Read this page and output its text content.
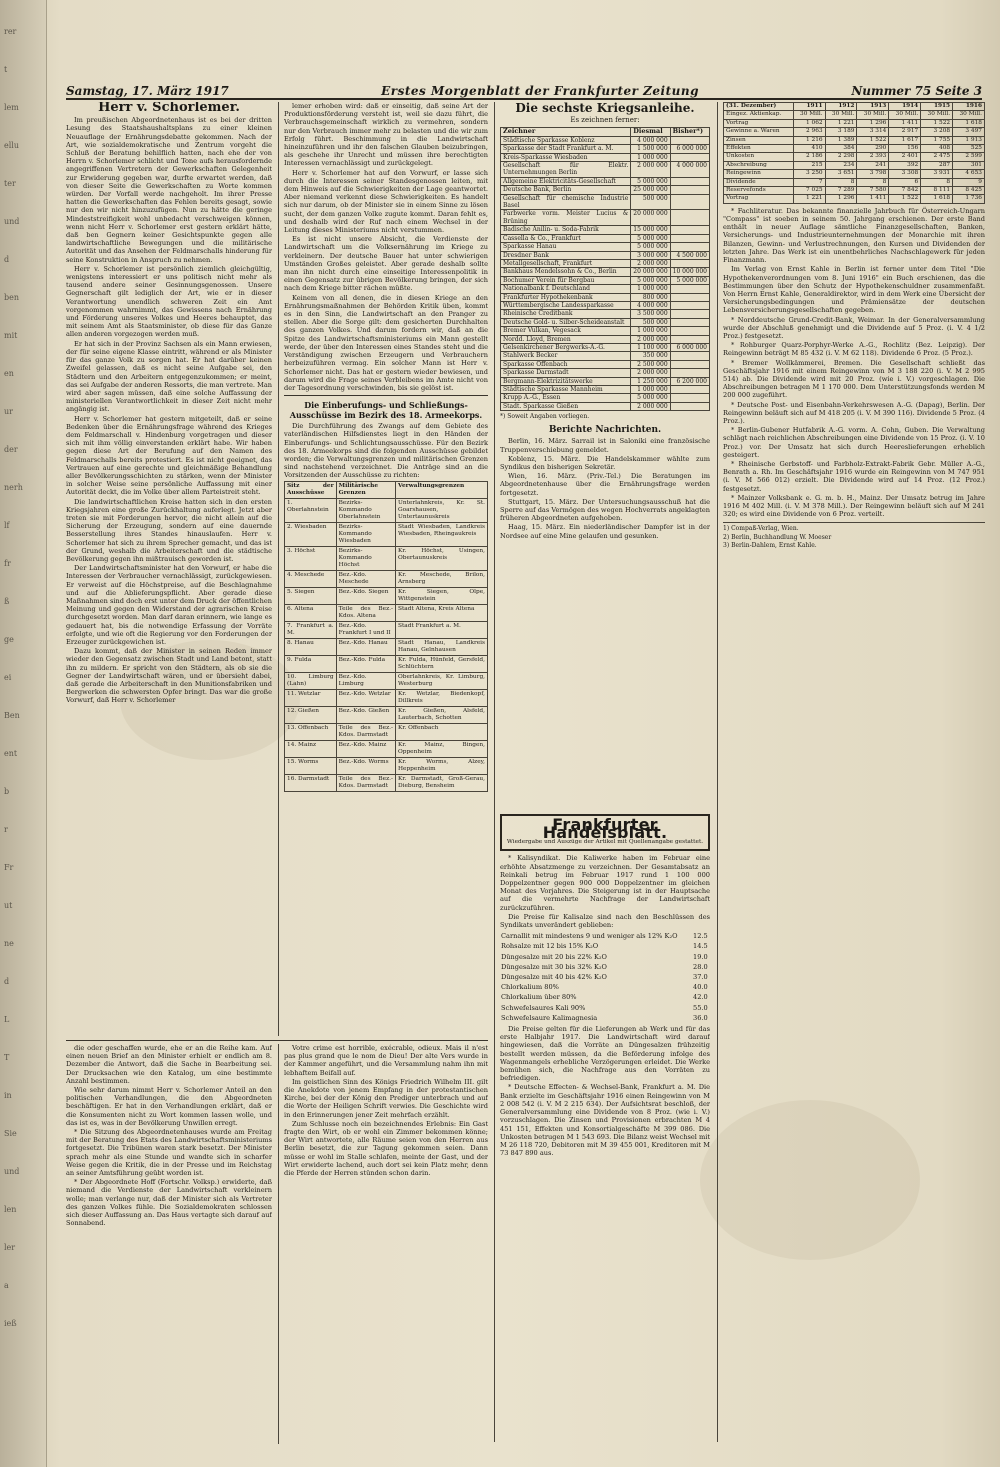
rer
t
lem
ellu
ter
und
d
ben
mit
en
ur
der
nerh
lf
fr
ß
ge
ei
Ben
ent
b
r
Fr
ut
ne
d
L
T
in
Sie
und
len
ler
a
ieß
Samstag, 17. März 1917	Erstes Morgenblatt der Frankfurter Zeitung	Nummer 75 Seite 3
Herr v. Schorlemer.

Im preußischen Abgeordnetenhaus ist es bei der dritten Lesung des Staatshaushaltsplans zu einer kleinen Neuauflage der Ernährungsdebatte gekommen. Nach der Art, wie sozialdemokratische und Zentrum vorgeht die Schluß der Beratung behilflich hatten, nach ehe der von Herrn v. Schorlemer schlicht und Tone aufs herausfordernde angegriffenen Vertretern der Gewerkschaften Gelegenheit zur Erwiderung gegeben war, durfte erwartet werden, daß von dieser Seite die Gewerkschaften zu Worte kommen würden. Der Vorfall werde nachgeholt. Im ihrer Presse hatten die Gewerkschaften das Fehlen bereits gesagt, sowie nur den wir nicht hinzuzufügen. Nun zu hätte die geringe Mindeststreifigkeit wohl unbedacht verschweigen können, wenn nicht Herr v. Schorlemer erst gestern erklärt hätte, daß ben Gegnern keiner Gesichtspunkte gegen alle landwirtschaftliche Bewegungen und die militärische Autorität und das Ansehen der Feldmarschalls hinderung für seine Konstruktion in Anspruch zu nehmen.

Herr v. Schorlemer ist persönlich ziemlich gleichgültig, wenigstens interessiert er uns politisch nicht mehr als tausend andere seiner Gesinnungsgenossen. Unsere Gegnerschaft gilt lediglich der Art, wie er in dieser Verantwortung unendlich schweren Zeit ein Amt vorgenommen wahrnimmt, das Gewissens nach Ernährung und Förderung unseres Volkes und Heeres behauptet, das mit seinem Amt als Staatsminister, ob diese für das Ganze allen anderen vorgezogen werden muß.

Er hat sich in der Provinz Sachsen als ein Mann erwiesen, der für seine eigene Klasse eintritt, während er als Minister für das ganze Volk zu sorgen hat. Er hat darüber keinen Zweifel gelassen, daß es nicht seine Aufgabe sei, den Städtern und den Arbeitern entgegenzukommen; er meint, das sei Aufgabe der anderen Ressorts, die man vertrete. Man wird aber sagen müssen, daß eine solche Auffassung der ministeriellen Verantwortlichkeit in dieser Zeit nicht mehr angängig ist.

Herr v. Schorlemer hat gestern mitgeteilt, daß er seine Bedenken über die Ernährungsfrage während des Krieges dem Feldmarschall v. Hindenburg vorgetragen und dieser sich mit ihm völlig einverstanden erklärt habe. Wir haben gegen diese Art der Berufung auf den Namen des Feldmarschalls bereits protestiert. Es ist nicht geeignet, das Vertrauen auf eine gerechte und gleichmäßige Behandlung aller Bevölkerungsschichten zu stärken, wenn der Minister in solcher Weise seine persönliche Auffassung mit einer Autorität deckt, die im Volke über allem Parteistreit steht.

Die landwirtschaftlichen Kreise hatten sich in den ersten Kriegsjahren eine große Zurückhaltung auferlegt. Jetzt aber treten sie mit Forderungen hervor, die nicht allein auf die Sicherung der Erzeugung, sondern auf eine dauernde Besserstellung ihres Standes hinauslaufen. Herr v. Schorlemer hat sich zu ihrem Sprecher gemacht, und das ist der Grund, weshalb die Arbeiterschaft und die städtische Bevölkerung gegen ihn mißtrauisch geworden ist.

Der Landwirtschaftsminister hat den Vorwurf, er habe die Interessen der Verbraucher vernachlässigt, zurückgewiesen. Er verweist auf die Höchstpreise, auf die Beschlagnahme und auf die Ablieferungspflicht. Aber gerade diese Maßnahmen sind doch erst unter dem Druck der öffentlichen Meinung und gegen den Widerstand der agrarischen Kreise durchgesetzt worden. Man darf daran erinnern, wie lange es gedauert hat, bis die notwendige Erfassung der Vorräte erfolgte, und wie oft die Regierung vor den Forderungen der Erzeuger zurückgewichen ist.

Dazu kommt, daß der Minister in seinen Reden immer wieder den Gegensatz zwischen Stadt und Land betont, statt ihn zu mildern. Er spricht von den Städtern, als ob sie die Gegner der Landwirtschaft wären, und er übersieht dabei, daß gerade die Arbeiterschaft in den Munitionsfabriken und Bergwerken die schwersten Opfer bringt. Das war die große Vorwurf, daß Herr v. Schorlemer

lemer erhoben wird: daß er einseitig, daß seine Art der Produktionsförderung versteht ist, weil sie dazu führt, die Verbrauchsgemeinschaft wirklich zu vermehren, sondern nur den Verbrauch immer mehr zu belasten und die wir zum Erfolg führt. Beschimmung in die Landwirtschaft hineinzuführen und ihr den falschen Glauben beizubringen, als geschehe ihr Unrecht und müssen ihre berechtigten Interessen vernachlässigt und zurückgelegt.

Herr v. Schorlemer hat auf den Vorwurf, er lasse sich durch die Interessen seiner Standesgenossen leiten, mit dem Hinweis auf die Schwierigkeiten der Lage geantwortet. Aber niemand verkennt diese Schwierigkeiten. Es handelt sich nur darum, ob der Minister sie in einem Sinne zu lösen sucht, der dem ganzen Volke zugute kommt. Daran fehlt es, und deshalb wird der Ruf nach einem Wechsel in der Leitung dieses Ministeriums nicht verstummen.

Es ist nicht unsere Absicht, die Verdienste der Landwirtschaft um die Volksernährung im Kriege zu verkleinern. Der deutsche Bauer hat unter schwierigen Umständen Großes geleistet. Aber gerade deshalb sollte man ihn nicht durch eine einseitige Interessenpolitik in einen Gegensatz zur übrigen Bevölkerung bringen, der sich nach dem Kriege bitter rächen müßte.

Keinem von all denen, die in diesen Kriege an den Ernährungsmaßnahmen der Behörden Kritik üben, kommt es in den Sinn, die Landwirtschaft an den Pranger zu stellen. Aber die Sorge gilt: dem gesicherten Durchhalten des ganzen Volkes. Und darum fordern wir, daß an die Spitze des Landwirtschaftsministeriums ein Mann gestellt werde, der über den Interessen eines Standes steht und die Verständigung zwischen Erzeugern und Verbrauchern herbeizuführen vermag. Ein solcher Mann ist Herr v. Schorlemer nicht. Das hat er gestern wieder bewiesen, und darum wird die Frage seines Verbleibens im Amte nicht von der Tagesordnung verschwinden, bis sie gelöst ist.

Die Einberufungs- und Schließungs-Ausschüsse im Bezirk des 18. Armeekorps.

Die Durchführung des Zwangs auf dem Gebiete des vaterländischen Hilfsdienstes liegt in den Händen der Einberufungs- und Schlichtungsausschüsse. Für den Bezirk des 18. Armeekorps sind die folgenden Ausschüsse gebildet worden; die Verwaltungsgrenzen und militärischen Grenzen sind nachstehend verzeichnet. Die Anträge sind an die Vorsitzenden der Ausschüsse zu richten:

Sitz der Ausschüsse	Militärische Grenzen	Verwaltungsgrenzen
1. Oberlahnstein	Bezirks-Kommando Oberlahnstein	Unterlahnkreis, Kr. St. Goarshausen, Untertaunuskreis
2. Wiesbaden	Bezirks-Kommando Wiesbaden	Stadt Wiesbaden, Landkreis Wiesbaden, Rheingaukreis
3. Höchst	Bezirks-Kommando Höchst	Kr. Höchst, Usingen, Obertaunuskreis
4. Meschede	Bez.-Kdo. Meschede	Kr. Meschede, Brilon, Arnsberg
5. Siegen	Bez.-Kdo. Siegen	Kr. Siegen, Olpe, Wittgenstein
6. Altena	Teile des Bez.-Kdos. Altena	Stadt Altena, Kreis Altena
7. Frankfurt a. M.	Bez.-Kdo. Frankfurt I und II	Stadt Frankfurt a. M.
8. Hanau	Bez.-Kdo. Hanau	Stadt Hanau, Landkreis Hanau, Gelnhausen
9. Fulda	Bez.-Kdo. Fulda	Kr. Fulda, Hünfeld, Gersfeld, Schlüchtern
10. Limburg (Lahn)	Bez.-Kdo. Limburg	Oberlahnkreis, Kr. Limburg, Westerburg
11. Wetzlar	Bez.-Kdo. Wetzlar	Kr. Wetzlar, Biedenkopf, Dillkreis
12. Gießen	Bez.-Kdo. Gießen	Kr. Gießen, Alsfeld, Lauterbach, Schotten
13. Offenbach	Teile des Bez.-Kdos. Darmstadt	Kr. Offenbach
14. Mainz	Bez.-Kdo. Mainz	Kr. Mainz, Bingen, Oppenheim
15. Worms	Bez.-Kdo. Worms	Kr. Worms, Alzey, Heppenheim
16. Darmstadt	Teile des Bez.-Kdos. Darmstadt	Kr. Darmstadt, Groß-Gerau, Dieburg, Bensheim
Die sechste Kriegsanleihe.
Es zeichnen ferner:
Zeichner	Diesmal	Bisher*)
Städtische Sparkasse Koblenz	4 000 000	
Sparkasse der Stadt Frankfurt a. M.	1 500 000	6 000 000
Kreis-Sparkasse Wiesbaden	1 000 000	
Gesellschaft für Elektr. Unternehmungen Berlin	2 000 000	4 000 000
Allgemeine Elektricitäts-Gesellschaft	5 000 000	
Deutsche Bank, Berlin	25 000 000	
Gesellschaft für chemische Industrie Basel	500 000	
Farbwerke vorm. Meister Lucius & Brüning	20 000 000	
Badische Anilin- u. Soda-Fabrik	15 000 000	
Cassella & Co., Frankfurt	5 000 000	
Sparkasse Hanau	5 000 000	
Dresdner Bank	3 000 000	4 500 000
Metallgesellschaft, Frankfurt	2 000 000	
Bankhaus Mendelssohn & Co., Berlin	20 000 000	10 000 000
Bochumer Verein für Bergbau	5 000 000	5 000 000
Nationalbank f. Deutschland	1 000 000	
Frankfurter Hypothekenbank	800 000	
Württembergische Landessparkasse	4 000 000	
Rheinische Creditbank	3 500 000	
Deutsche Gold- u. Silber-Scheideanstalt	500 000	
Bremer Vulkan, Vegesack	1 000 000	
Nordd. Lloyd, Bremen	2 000 000	
Gelsenkirchener Bergwerks-A.-G.	1 100 000	6 000 000
Stahlwerk Becker	350 000	
Sparkasse Offenbach	2 500 000	
Sparkasse Darmstadt	2 000 000	
Bergmann-Elektrizitätswerke	1 250 000	6 200 000
Städtische Sparkasse Mannheim	1 000 000	
Krupp A.-G., Essen	5 000 000	
Stadt. Sparkasse Gießen	2 000 000	
*) Soweit Angaben vorliegen.
Berichte Nachrichten.

Berlin, 16. März. Sarrail ist in Saloniki eine französische Truppenverschiebung gemeldet.

Koblenz, 15. März. Die Handelskammer wählte zum Syndikus den bisherigen Sekretär.

Wien, 16. März. (Priv.-Tel.) Die Beratungen im Abgeordnetenhause über die Ernährungsfrage werden fortgesetzt.

Stuttgart, 15. März. Der Untersuchungsausschuß hat die Sperre auf das Vermögen des wegen Hochverrats angeklagten früheren Abgeordneten aufgehoben.

Haag, 15. März. Ein niederländischer Dampfer ist in der Nordsee auf eine Mine gelaufen und gesunken.

Frankfurter Handelsblatt.
Wiedergabe und Auszüge der Artikel mit Quellenangabe gestattet.

* Kalisyndikat. Die Kaliwerke haben im Februar eine erhöhte Absatzmenge zu verzeichnen. Der Gesamtabsatz an Reinkali betrug im Februar 1917 rund 1 100 000 Doppelzentner gegen 900 000 Doppelzentner im gleichen Monat des Vorjahres. Die Steigerung ist in der Hauptsache auf die vermehrte Nachfrage der Landwirtschaft zurückzuführen.

Die Preise für Kalisalze sind nach den Beschlüssen des Syndikats unverändert geblieben:

Carnallit mit mindestens 9 und weniger als 12% K₂O	12.5
Rohsalze mit 12 bis 15% K₂O	14.5
Düngesalze mit 20 bis 22% K₂O	19.0
Düngesalze mit 30 bis 32% K₂O	28.0
Düngesalze mit 40 bis 42% K₂O	37.0
Chlorkalium 80%	40.0
Chlorkalium über 80%	42.0
Schwefelsaures Kali 90%	55.0
Schwefelsaure Kalimagnesia	36.0

Die Preise gelten für die Lieferungen ab Werk und für das erste Halbjahr 1917. Die Landwirtschaft wird darauf hingewiesen, daß die Vorräte an Düngesalzen frühzeitig bestellt werden müssen, da die Beförderung infolge des Wagenmangels erhebliche Verzögerungen erleidet. Die Werke bemühen sich, die Nachfrage aus den Vorräten zu befriedigen.

* Deutsche Effecten- & Wechsel-Bank, Frankfurt a. M. Die Bank erzielte im Geschäftsjahr 1916 einen Reingewinn von M 2 008 542 (i. V. M 2 215 634). Der Aufsichtsrat beschloß, der Generalversammlung eine Dividende von 8 Proz. (wie i. V.) vorzuschlagen. Die Zinsen und Provisionen erbrachten M 4 451 151, Effekten und Konsortialgeschäfte M 399 086. Die Unkosten betrugen M 1 543 693. Die Bilanz weist Wechsel mit M 26 118 720, Debitoren mit M 39 455 001, Kreditoren mit M 73 847 890 aus.

(31. Dezember)	1911	1912	1913	1914	1915	1916
Eingez. Aktienkap.	30 Mill.	30 Mill.	30 Mill.	30 Mill.	30 Mill.	30 Mill.
Vortrag	1 062	1 221	1 296	1 411	1 522	1 618
Gewinne a. Waren	2 963	3 189	3 314	2 917	3 208	3 497
Zinsen	1 216	1 389	1 522	1 617	1 755	1 913
Effekten	410	384	290	156	408	525
Unkosten	2 186	2 298	2 393	2 401	2 475	2 599
Abschreibung	215	234	241	392	287	301
Reingewinn	3 250	3 651	3 798	3 308	3 931	4 653
Dividende	7	8	8	6	8	9
Reservefonds	7 025	7 289	7 580	7 842	8 111	8 425
Vortrag	1 221	1 296	1 411	1 522	1 618	1 736

* Fachliteratur. Das bekannte finanzielle Jahrbuch für Österreich-Ungarn "Compass" ist soeben in seinem 50. Jahrgang erschienen. Der erste Band enthält in neuer Auflage sämtliche Finanzgesellschaften, Banken, Versicherungs- und Industrieunternehmungen der Monarchie mit ihren Bilanzen, Gewinn- und Verlustrechnungen, den Kursen und Dividenden der letzten Jahre. Das Werk ist ein unentbehrliches Nachschlagewerk für jeden Finanzmann.

Im Verlag von Ernst Kahle in Berlin ist ferner unter dem Titel "Die Hypothekenverordnungen vom 8. Juni 1916" ein Buch erschienen, das die Bestimmungen über den Schutz der Hypothekenschuldner zusammenfaßt. Von Herrn Ernst Kahle, Generaldirektor, wird in dem Werk eine Übersicht der Versicherungsbedingungen und Prämiensätze der deutschen Lebensversicherungsgesellschaften gegeben.

* Norddeutsche Grund-Credit-Bank, Weimar. In der Generalversammlung wurde der Abschluß genehmigt und die Dividende auf 5 Proz. (i. V. 4 1/2 Proz.) festgesetzt.

* Rohburger Quarz-Porphyr-Werke A.-G., Rochlitz (Bez. Leipzig). Der Reingewinn beträgt M 85 432 (i. V. M 62 118). Dividende 6 Proz. (5 Proz.).

* Bremer Wollkämmerei, Bremen. Die Gesellschaft schließt das Geschäftsjahr 1916 mit einem Reingewinn von M 3 188 220 (i. V. M 2 995 514) ab. Die Dividende wird mit 20 Proz. (wie i. V.) vorgeschlagen. Die Abschreibungen betragen M 1 170 000. Dem Unterstützungsfonds werden M 200 000 zugeführt.

* Deutsche Post- und Eisenbahn-Verkehrswesen A.-G. (Dapag), Berlin. Der Reingewinn beläuft sich auf M 418 205 (i. V. M 390 116). Dividende 5 Proz. (4 Proz.).

* Berlin-Gubener Hutfabrik A.-G. vorm. A. Cohn, Guben. Die Verwaltung schlägt nach reichlichen Abschreibungen eine Dividende von 15 Proz. (i. V. 10 Proz.) vor. Der Umsatz hat sich durch Heereslieferungen erheblich gesteigert.

* Rheinische Gerbstoff- und Farbholz-Extrakt-Fabrik Gebr. Müller A.-G., Benrath a. Rh. Im Geschäftsjahr 1916 wurde ein Reingewinn von M 747 951 (i. V. M 566 012) erzielt. Die Dividende wird auf 14 Proz. (12 Proz.) festgesetzt.

* Mainzer Volksbank e. G. m. b. H., Mainz. Der Umsatz betrug im Jahre 1916 M 402 Mill. (i. V. M 378 Mill.). Der Reingewinn beläuft sich auf M 241 320; es wird eine Dividende von 6 Proz. verteilt.

1) Compaß-Verlag, Wien.
2) Berlin, Buchhandlung W. Moeser
3) Berlin-Dahlem, Ernst Kahle.

die oder geschaffen wurde, ehe er an die Reihe kam. Auf einen neuen Brief an den Minister erhielt er endlich am 8. Dezember die Antwort, daß die Sache in Bearbeitung sei. Der Drucksachen wie den Katalog, um eine bestimmte Anzahl bestimmen.

Wie sehr darum nimmt Herr v. Schorlemer Anteil an den politischen Verhandlungen, die den Abgeordneten beschäftigen. Er hat in den Verhandlungen erklärt, daß er die Konsumenten nicht zu Wort kommen lassen wolle, und das ist es, was in der Bevölkerung Unwillen erregt.

* Die Sitzung des Abgeordnetenhauses wurde am Freitag mit der Beratung des Etats des Landwirtschaftsministeriums fortgesetzt. Die Tribünen waren stark besetzt. Der Minister sprach mehr als eine Stunde und wandte sich in scharfer Weise gegen die Kritik, die in der Presse und im Reichstag an seiner Amtsführung geübt worden ist.

* Der Abgeordnete Hoff (Fortschr. Volksp.) erwiderte, daß niemand die Verdienste der Landwirtschaft verkleinern wolle; man verlange nur, daß der Minister sich als Vertreter des ganzen Volkes fühle. Die Sozialdemokraten schlossen sich dieser Auffassung an. Das Haus vertagte sich darauf auf Sonnabend.

Votre crime est horrible, exécrable, odieux. Mais il n'est pas plus grand que le nom de Dieu! Der alte Vers wurde in der Kammer angeführt, und die Versammlung nahm ihn mit lebhaftem Beifall auf.

Im geistlichen Sinn des Königs Friedrich Wilhelm III. gilt die Anekdote von jenem Empfang in der protestantischen Kirche, bei der der König den Prediger unterbrach und auf die Worte der Heiligen Schrift verwies. Die Geschichte wird in den Erinnerungen jener Zeit mehrfach erzählt.

Zum Schlusse noch ein bezeichnendes Erlebnis: Ein Gast fragte den Wirt, ob er wohl ein Zimmer bekommen könne; der Wirt antwortete, alle Räume seien von den Herren aus Berlin besetzt, die zur Tagung gekommen seien. Dann müsse er wohl im Stalle schlafen, meinte der Gast, und der Wirt erwiderte lachend, auch dort sei kein Platz mehr, denn die Pferde der Herren stünden schon darin.
